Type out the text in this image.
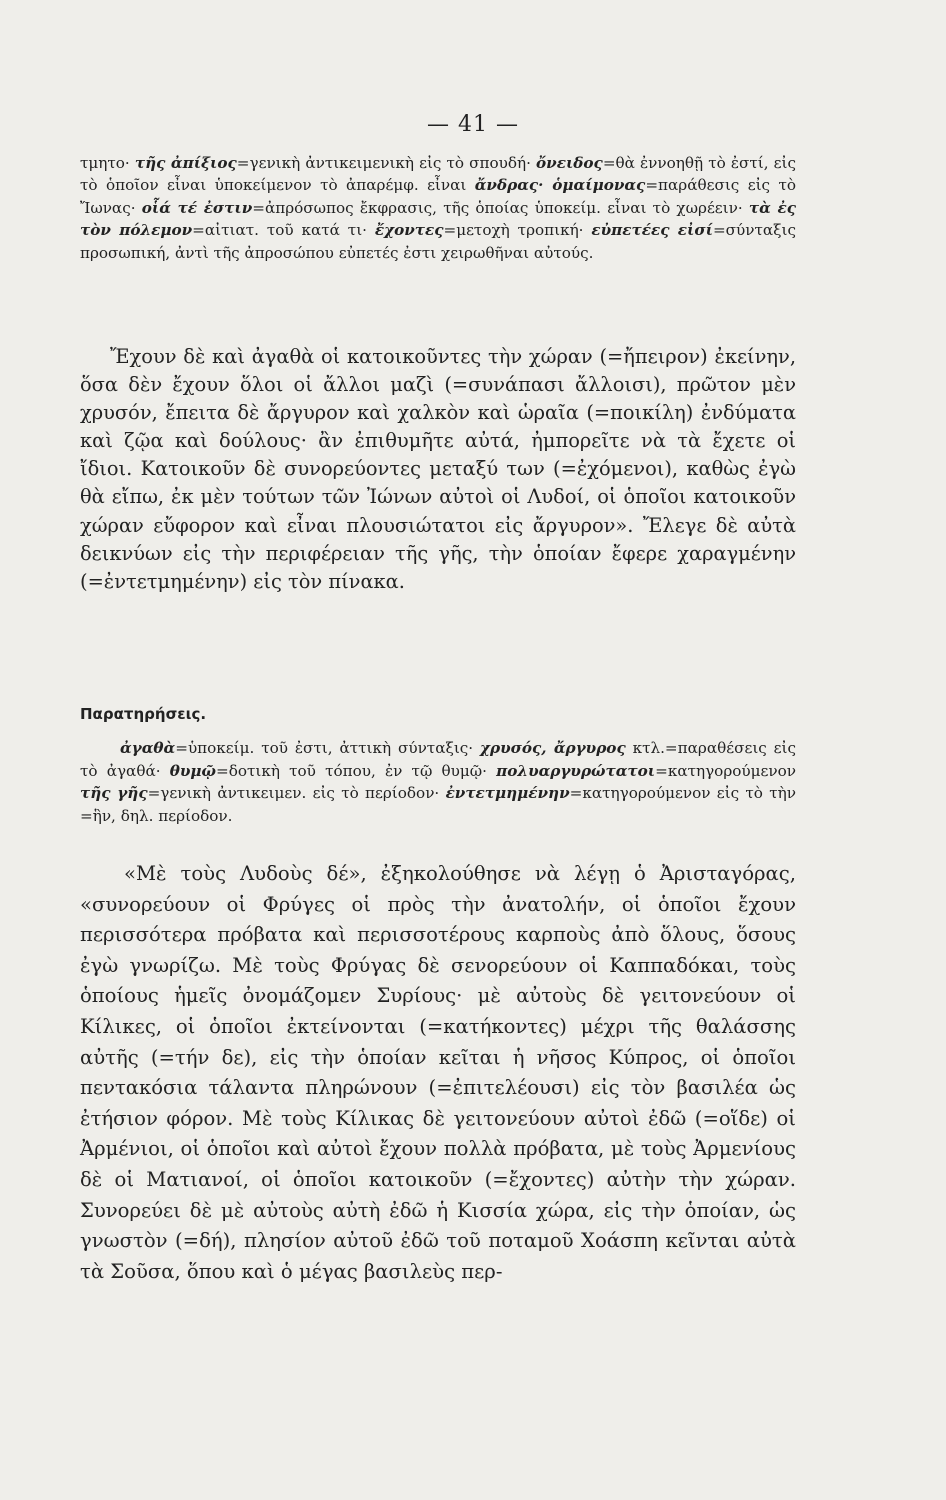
— 41 —

τμητο· τῆς ἀπίξιος=γενικὴ ἀντικειμενικὴ εἰς τὸ σπουδή· ὄνειδος=θὰ ἐννοηθῇ τὸ ἐστί, εἰς τὸ ὁποῖον εἶναι ὑποκείμενον τὸ ἀπαρέμφ. εἶναι ἄνδρας· ὁμαίμονας=παράθεσις εἰς τὸ Ἴωνας· οἷά τέ ἐστιν=ἀπρόσωπος ἔκφρασις, τῆς ὁποίας ὑποκείμ. εἶναι τὸ χωρέειν· τὰ ἐς τὸν πόλεμον=αἰτιατ. τοῦ κατά τι· ἔχοντες=μετοχὴ τροπική· εὐπετέες εἰσί=σύνταξις προσωπική, ἀντὶ τῆς ἀπροσώπου εὐπετές ἐστι χειρωθῆναι αὐτούς.

Ἔχουν δὲ καὶ ἀγαθὰ οἱ κατοικοῦντες τὴν χώραν (=ἤπειρον) ἐκείνην, ὅσα δὲν ἔχουν ὅλοι οἱ ἄλλοι μαζὶ (=συνάπασι ἄλλοισι), πρῶτον μὲν χρυσόν, ἔπειτα δὲ ἄργυρον καὶ χαλκὸν καὶ ὡραῖα (=ποικίλη) ἐνδύματα καὶ ζῷα καὶ δούλους· ἂν ἐπιθυμῆτε αὐτά, ἠμπορεῖτε νὰ τὰ ἔχετε οἱ ἴδιοι. Κατοικοῦν δὲ συνορεύοντες μεταξύ των (=ἐχόμενοι), καθὼς ἐγὼ θὰ εἴπω, ἐκ μὲν τούτων τῶν Ἰώνων αὐτοὶ οἱ Λυδοί, οἱ ὁποῖοι κατοικοῦν χώραν εὔφορον καὶ εἶναι πλουσιώτατοι εἰς ἄργυρον». Ἔλεγε δὲ αὐτὰ δεικνύων εἰς τὴν περιφέρειαν τῆς γῆς, τὴν ὁποίαν ἔφερε χαραγμένην (=ἐντετμημένην) εἰς τὸν πίνακα.

Παρατηρήσεις.

ἀγαθὰ=ὑποκείμ. τοῦ ἐστι, ἀττικὴ σύνταξις· χρυσός, ἄργυρος κτλ.=παραθέσεις εἰς τὸ ἀγαθά· θυμῷ=δοτικὴ τοῦ τόπου, ἐν τῷ θυμῷ· πολυαργυρώτατοι=κατηγορούμενον τῆς γῆς=γενικὴ ἀντικειμεν. εἰς τὸ περίοδον· ἐντετμημένην=κατηγορούμενον εἰς τὸ τὴν =ἣν, δηλ. περίοδον.

«Μὲ τοὺς Λυδοὺς δέ», ἐξηκολούθησε νὰ λέγῃ ὁ Ἀρισταγόρας, «συνορεύουν οἱ Φρύγες οἱ πρὸς τὴν ἀνατολήν, οἱ ὁποῖοι ἔχουν περισσότερα πρόβατα καὶ περισσοτέρους καρποὺς ἀπὸ ὅλους, ὅσους ἐγὼ γνωρίζω. Μὲ τοὺς Φρύγας δὲ σενορεύουν οἱ Καππαδόκαι, τοὺς ὁποίους ἡμεῖς ὀνομάζομεν Συρίους· μὲ αὐτοὺς δὲ γειτονεύουν οἱ Κίλικες, οἱ ὁποῖοι ἐκτείνονται (=κατήκοντες) μέχρι τῆς θαλάσσης αὐτῆς (=τήν δε), εἰς τὴν ὁποίαν κεῖται ἡ νῆσος Κύπρος, οἱ ὁποῖοι πεντακόσια τάλαντα πληρώνουν (=ἐπιτελέουσι) εἰς τὸν βασιλέα ὡς ἐτήσιον φόρον. Μὲ τοὺς Κίλικας δὲ γειτονεύουν αὐτοὶ ἐδῶ (=οἵδε) οἱ Ἀρμένιοι, οἱ ὁποῖοι καὶ αὐτοὶ ἔχουν πολλὰ πρόβατα, μὲ τοὺς Ἀρμενίους δὲ οἱ Ματιανοί, οἱ ὁποῖοι κατοικοῦν (=ἔχοντες) αὐτὴν τὴν χώραν. Συνορεύει δὲ μὲ αὐτοὺς αὐτὴ ἐδῶ ἡ Κισσία χώρα, εἰς τὴν ὁποίαν, ὡς γνωστὸν (=δή), πλησίον αὐτοῦ ἐδῶ τοῦ ποταμοῦ Χοάσπη κεῖνται αὐτὰ τὰ Σοῦσα, ὅπου καὶ ὁ μέγας βασιλεὺς περ-
